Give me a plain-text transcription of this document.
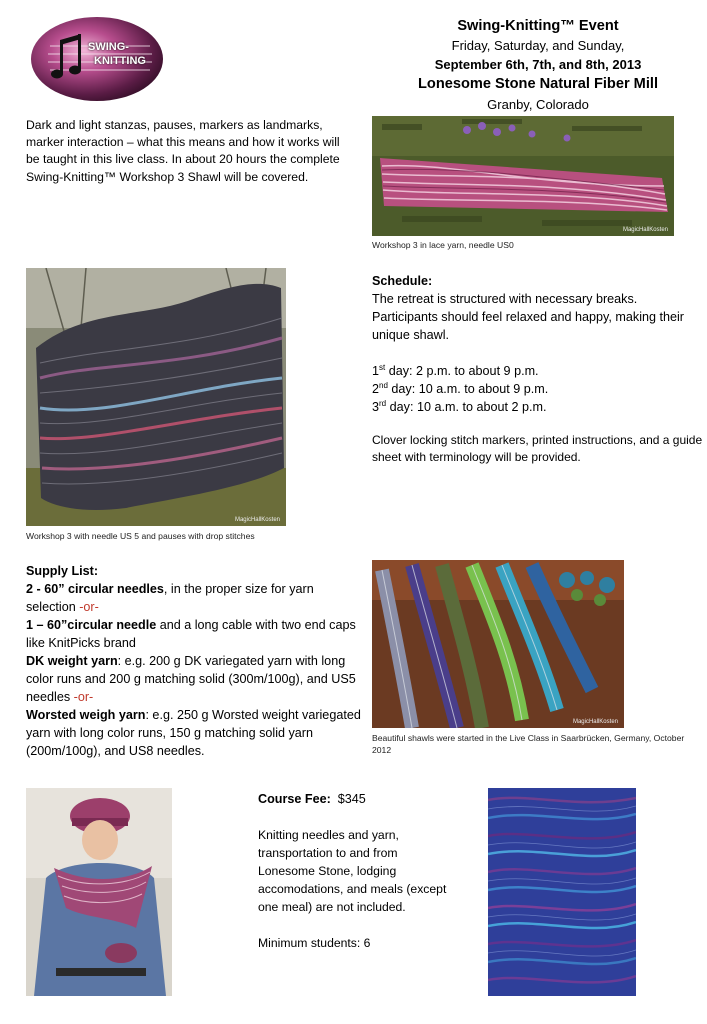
SWING-
KNITTING
Swing-Knitting™ Event
Friday, Saturday, and Sunday,
September 6th, 7th, and 8th, 2013
Lonesome Stone Natural Fiber Mill
Granby, Colorado
Dark and light stanzas, pauses, markers as landmarks, marker interaction – what this means and how it works will be taught in this live class. In about 20 hours the complete Swing-Knitting™ Workshop 3 Shawl will be covered.
MagicHallKosten
Workshop 3 in lace yarn, needle US0
MagicHallKosten
Workshop 3 with needle US 5 and pauses with drop stitches
Schedule:
The retreat is structured with necessary breaks. Participants should feel relaxed and happy, making their unique shawl.
1st day: 2 p.m. to about 9 p.m.
2nd day: 10 a.m. to about 9 p.m.
3rd day: 10 a.m. to about 2 p.m.
Clover locking stitch markers, printed instructions, and a guide sheet with terminology will be provided.
Supply List:
2 - 60” circular needles, in the proper size for yarn selection -or-
1 – 60”circular needle and a long cable with two end caps like KnitPicks brand
DK weight yarn: e.g. 200 g DK variegated yarn with long color runs and 200 g matching solid (300m/100g), and US5 needles -or-
Worsted weigh yarn: e.g. 250 g Worsted weight variegated yarn with long color runs, 150 g matching solid yarn (200m/100g), and US8 needles.
MagicHallKosten
Beautiful shawls were started in the Live Class in Saarbrücken, Germany, October 2012
Course Fee: $345
Knitting needles and yarn, transportation to and from Lonesome Stone, lodging accomodations, and meals (except one meal) are not included.
Minimum students: 6
